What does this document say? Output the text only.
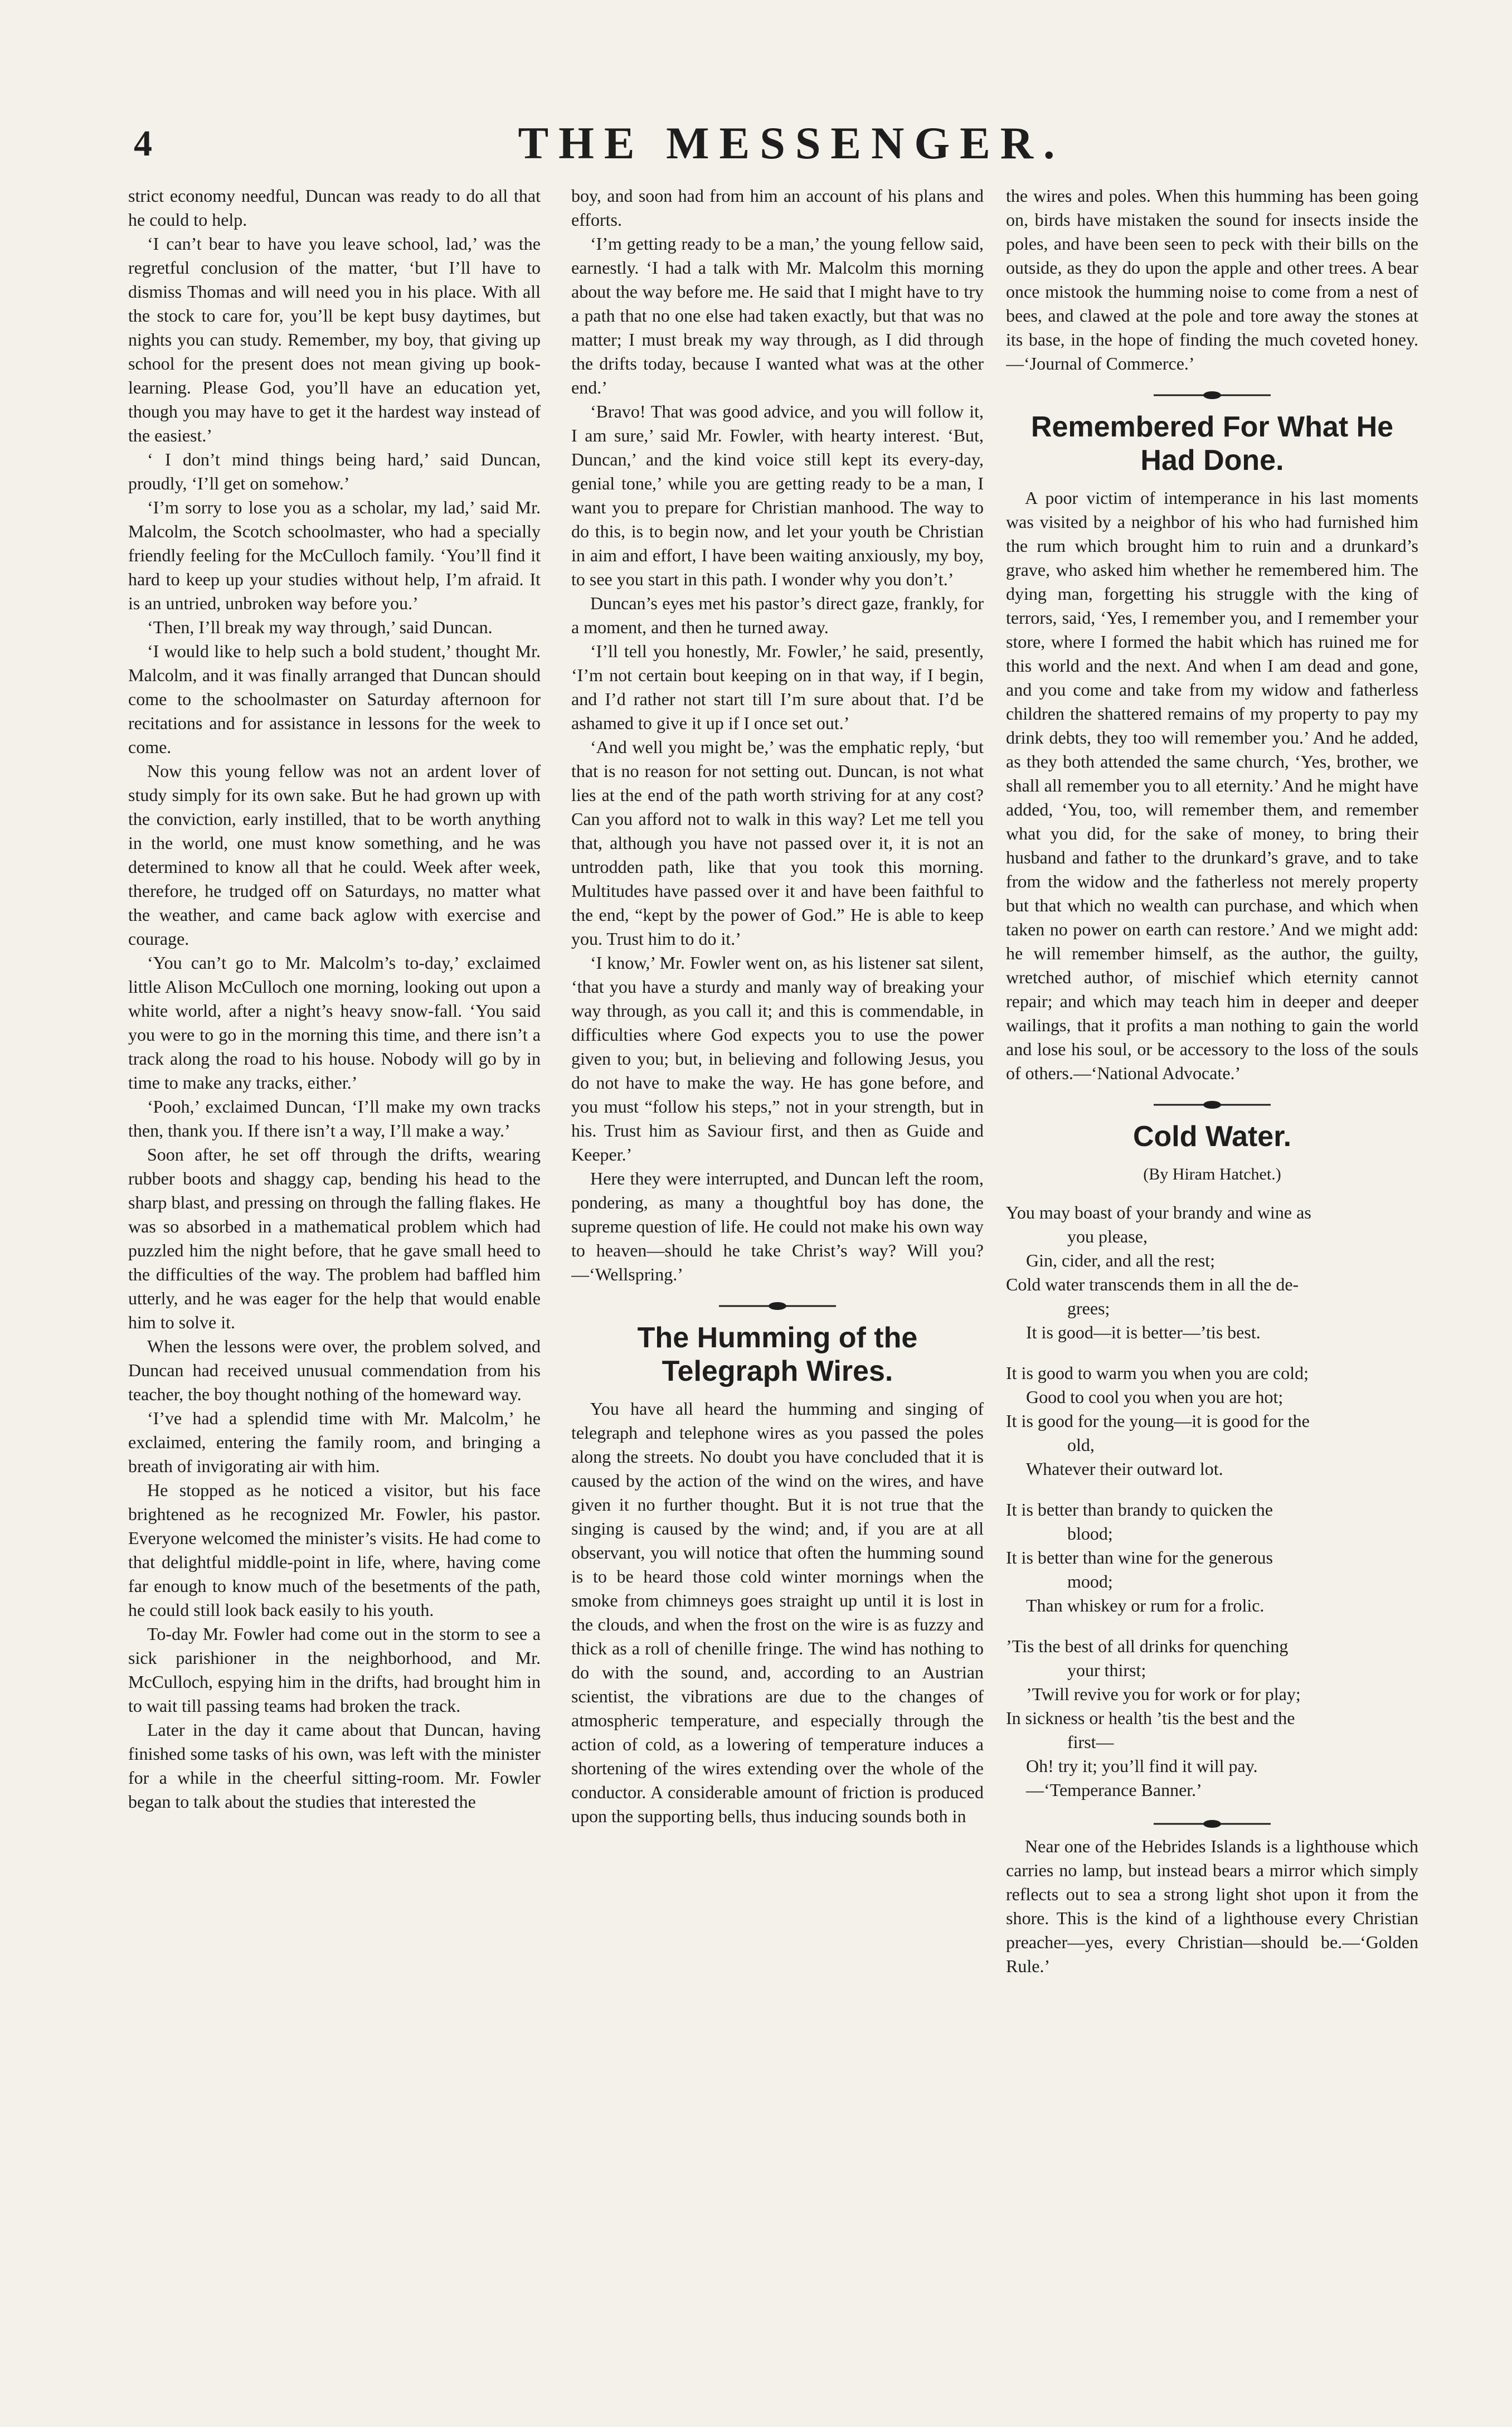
4	THE MESSENGER.

strict economy needful, Duncan was ready to do all that he could to help.

‘I can’t bear to have you leave school, lad,’ was the regretful conclusion of the matter, ‘but I’ll have to dismiss Thomas and will need you in his place. With all the stock to care for, you’ll be kept busy daytimes, but nights you can study. Remember, my boy, that giving up school for the present does not mean giving up book-learning. Please God, you’ll have an education yet, though you may have to get it the hardest way instead of the easiest.’

‘ I don’t mind things being hard,’ said Duncan, proudly, ‘I’ll get on somehow.’

‘I’m sorry to lose you as a scholar, my lad,’ said Mr. Malcolm, the Scotch schoolmaster, who had a specially friendly feeling for the McCulloch family. ‘You’ll find it hard to keep up your studies without help, I’m afraid. It is an untried, unbroken way before you.’

‘Then, I’ll break my way through,’ said Duncan.

‘I would like to help such a bold student,’ thought Mr. Malcolm, and it was finally arranged that Duncan should come to the schoolmaster on Saturday afternoon for recitations and for assistance in lessons for the week to come.

Now this young fellow was not an ardent lover of study simply for its own sake. But he had grown up with the conviction, early instilled, that to be worth anything in the world, one must know something, and he was determined to know all that he could. Week after week, therefore, he trudged off on Saturdays, no matter what the weather, and came back aglow with exercise and courage.

‘You can’t go to Mr. Malcolm’s to-day,’ exclaimed little Alison McCulloch one morning, looking out upon a white world, after a night’s heavy snow-fall. ‘You said you were to go in the morning this time, and there isn’t a track along the road to his house. Nobody will go by in time to make any tracks, either.’

‘Pooh,’ exclaimed Duncan, ‘I’ll make my own tracks then, thank you. If there isn’t a way, I’ll make a way.’

Soon after, he set off through the drifts, wearing rubber boots and shaggy cap, bending his head to the sharp blast, and pressing on through the falling flakes. He was so absorbed in a mathematical problem which had puzzled him the night before, that he gave small heed to the difficulties of the way. The problem had baffled him utterly, and he was eager for the help that would enable him to solve it.

When the lessons were over, the problem solved, and Duncan had received unusual commendation from his teacher, the boy thought nothing of the homeward way.

‘I’ve had a splendid time with Mr. Malcolm,’ he exclaimed, entering the family room, and bringing a breath of invigorating air with him.

He stopped as he noticed a visitor, but his face brightened as he recognized Mr. Fowler, his pastor. Everyone welcomed the minister’s visits. He had come to that delightful middle-point in life, where, having come far enough to know much of the besetments of the path, he could still look back easily to his youth.

To-day Mr. Fowler had come out in the storm to see a sick parishioner in the neighborhood, and Mr. McCulloch, espying him in the drifts, had brought him in to wait till passing teams had broken the track.

Later in the day it came about that Duncan, having finished some tasks of his own, was left with the minister for a while in the cheerful sitting-room. Mr. Fowler began to talk about the studies that interested the

boy, and soon had from him an account of his plans and efforts.

‘I’m getting ready to be a man,’ the young fellow said, earnestly. ‘I had a talk with Mr. Malcolm this morning about the way before me. He said that I might have to try a path that no one else had taken exactly, but that was no matter; I must break my way through, as I did through the drifts today, because I wanted what was at the other end.’

‘Bravo! That was good advice, and you will follow it, I am sure,’ said Mr. Fowler, with hearty interest. ‘But, Duncan,’ and the kind voice still kept its every-day, genial tone,’ while you are getting ready to be a man, I want you to prepare for Christian manhood. The way to do this, is to begin now, and let your youth be Christian in aim and effort, I have been waiting anxiously, my boy, to see you start in this path. I wonder why you don’t.’

Duncan’s eyes met his pastor’s direct gaze, frankly, for a moment, and then he turned away.

‘I’ll tell you honestly, Mr. Fowler,’ he said, presently, ‘I’m not certain bout keeping on in that way, if I begin, and I’d rather not start till I’m sure about that. I’d be ashamed to give it up if I once set out.’

‘And well you might be,’ was the emphatic reply, ‘but that is no reason for not setting out. Duncan, is not what lies at the end of the path worth striving for at any cost? Can you afford not to walk in this way? Let me tell you that, although you have not passed over it, it is not an untrodden path, like that you took this morning. Multitudes have passed over it and have been faithful to the end, “kept by the power of God.” He is able to keep you. Trust him to do it.’

‘I know,’ Mr. Fowler went on, as his listener sat silent, ‘that you have a sturdy and manly way of breaking your way through, as you call it; and this is commendable, in difficulties where God expects you to use the power given to you; but, in believing and following Jesus, you do not have to make the way. He has gone before, and you must “follow his steps,” not in your strength, but in his. Trust him as Saviour first, and then as Guide and Keeper.’

Here they were interrupted, and Duncan left the room, pondering, as many a thoughtful boy has done, the supreme question of life. He could not make his own way to heaven—should he take Christ’s way? Will you?—‘Wellspring.’

The Humming of the Telegraph Wires.

You have all heard the humming and singing of telegraph and telephone wires as you passed the poles along the streets. No doubt you have concluded that it is caused by the action of the wind on the wires, and have given it no further thought. But it is not true that the singing is caused by the wind; and, if you are at all observant, you will notice that often the humming sound is to be heard those cold winter mornings when the smoke from chimneys goes straight up until it is lost in the clouds, and when the frost on the wire is as fuzzy and thick as a roll of chenille fringe. The wind has nothing to do with the sound, and, according to an Austrian scientist, the vibrations are due to the changes of atmospheric temperature, and especially through the action of cold, as a lowering of temperature induces a shortening of the wires extending over the whole of the conductor. A considerable amount of friction is produced upon the supporting bells, thus inducing sounds both in

the wires and poles. When this humming has been going on, birds have mistaken the sound for insects inside the poles, and have been seen to peck with their bills on the outside, as they do upon the apple and other trees. A bear once mistook the humming noise to come from a nest of bees, and clawed at the pole and tore away the stones at its base, in the hope of finding the much coveted honey.—‘Journal of Commerce.’

Remembered For What He Had Done.

A poor victim of intemperance in his last moments was visited by a neighbor of his who had furnished him the rum which brought him to ruin and a drunkard’s grave, who asked him whether he remembered him. The dying man, forgetting his struggle with the king of terrors, said, ‘Yes, I remember you, and I remember your store, where I formed the habit which has ruined me for this world and the next. And when I am dead and gone, and you come and take from my widow and fatherless children the shattered remains of my property to pay my drink debts, they too will remember you.’ And he added, as they both attended the same church, ‘Yes, brother, we shall all remember you to all eternity.’ And he might have added, ‘You, too, will remember them, and remember what you did, for the sake of money, to bring their husband and father to the drunkard’s grave, and to take from the widow and the fatherless not merely property but that which no wealth can purchase, and which when taken no power on earth can restore.’ And we might add: he will remember himself, as the author, the guilty, wretched author, of mischief which eternity cannot repair; and which may teach him in deeper and deeper wailings, that it profits a man nothing to gain the world and lose his soul, or be accessory to the loss of the souls of others.—‘National Advocate.’

Cold Water.
(By Hiram Hatchet.)
You may boast of your brandy and wine as
you please,
Gin, cider, and all the rest;
Cold water transcends them in all the de-
grees;
It is good—it is better—’tis best.
It is good to warm you when you are cold;
Good to cool you when you are hot;
It is good for the young—it is good for the
old,
Whatever their outward lot.
It is better than brandy to quicken the
blood;
It is better than wine for the generous
mood;
Than whiskey or rum for a frolic.
’Tis the best of all drinks for quenching
your thirst;
’Twill revive you for work or for play;
In sickness or health ’tis the best and the
first—
Oh! try it; you’ll find it will pay.
—‘Temperance Banner.’

Near one of the Hebrides Islands is a lighthouse which carries no lamp, but instead bears a mirror which simply reflects out to sea a strong light shot upon it from the shore. This is the kind of a lighthouse every Christian preacher—yes, every Christian—should be.—‘Golden Rule.’
